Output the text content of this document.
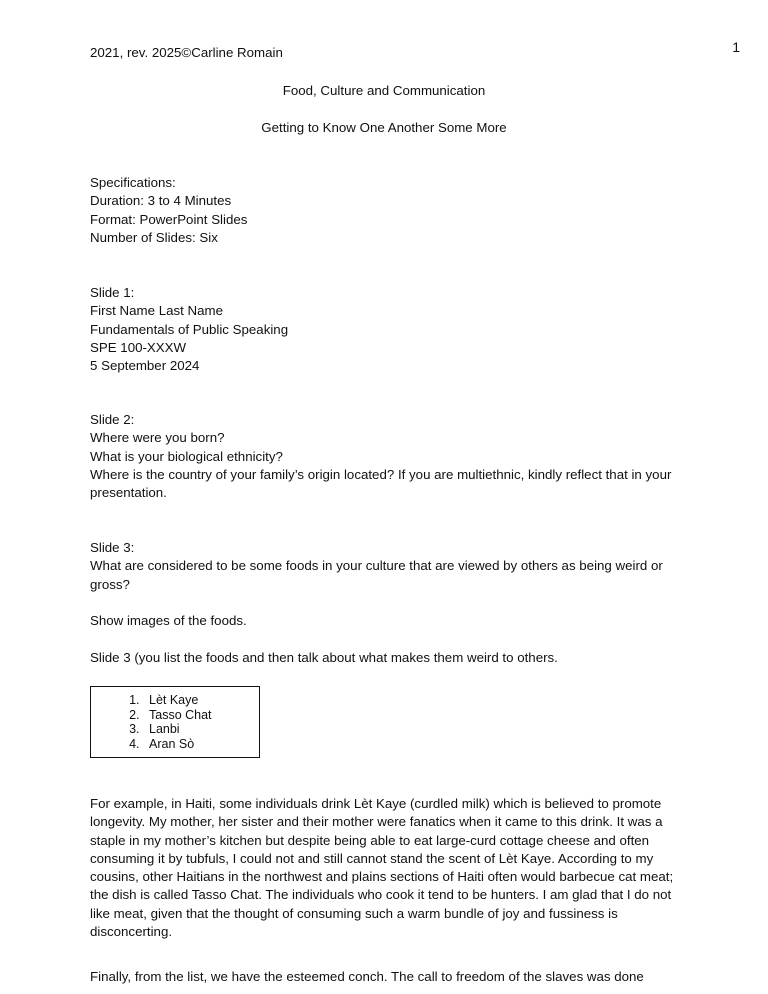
1
2021, rev. 2025©Carline Romain
Food, Culture and Communication
Getting to Know One Another Some More
Specifications:
Duration: 3 to 4 Minutes
Format: PowerPoint Slides
Number of Slides: Six
Slide 1:
First Name Last Name
Fundamentals of Public Speaking
SPE 100-XXXW
5 September 2024
Slide 2:
Where were you born?
What is your biological ethnicity?
Where is the country of your family’s origin located? If you are multiethnic, kindly reflect that in your presentation.
Slide 3:
What are considered to be some foods in your culture that are viewed by others as being weird or gross?
Show images of the foods.
Slide 3 (you list the foods and then talk about what makes them weird to others.
1. Lèt Kaye
2. Tasso Chat
3. Lanbi
4. Aran Sò
For example, in Haiti, some individuals drink Lèt Kaye (curdled milk) which is believed to promote longevity. My mother, her sister and their mother were fanatics when it came to this drink. It was a staple in my mother’s kitchen but despite being able to eat large-curd cottage cheese and often consuming it by tubfuls, I could not and still cannot stand the scent of Lèt Kaye. According to my cousins, other Haitians in the northwest and plains sections of Haiti often would barbecue cat meat; the dish is called Tasso Chat. The individuals who cook it tend to be hunters. I am glad that I do not like meat, given that the thought of consuming such a warm bundle of joy and fussiness is disconcerting.
Finally, from the list, we have the esteemed conch. The call to freedom of the slaves was done
